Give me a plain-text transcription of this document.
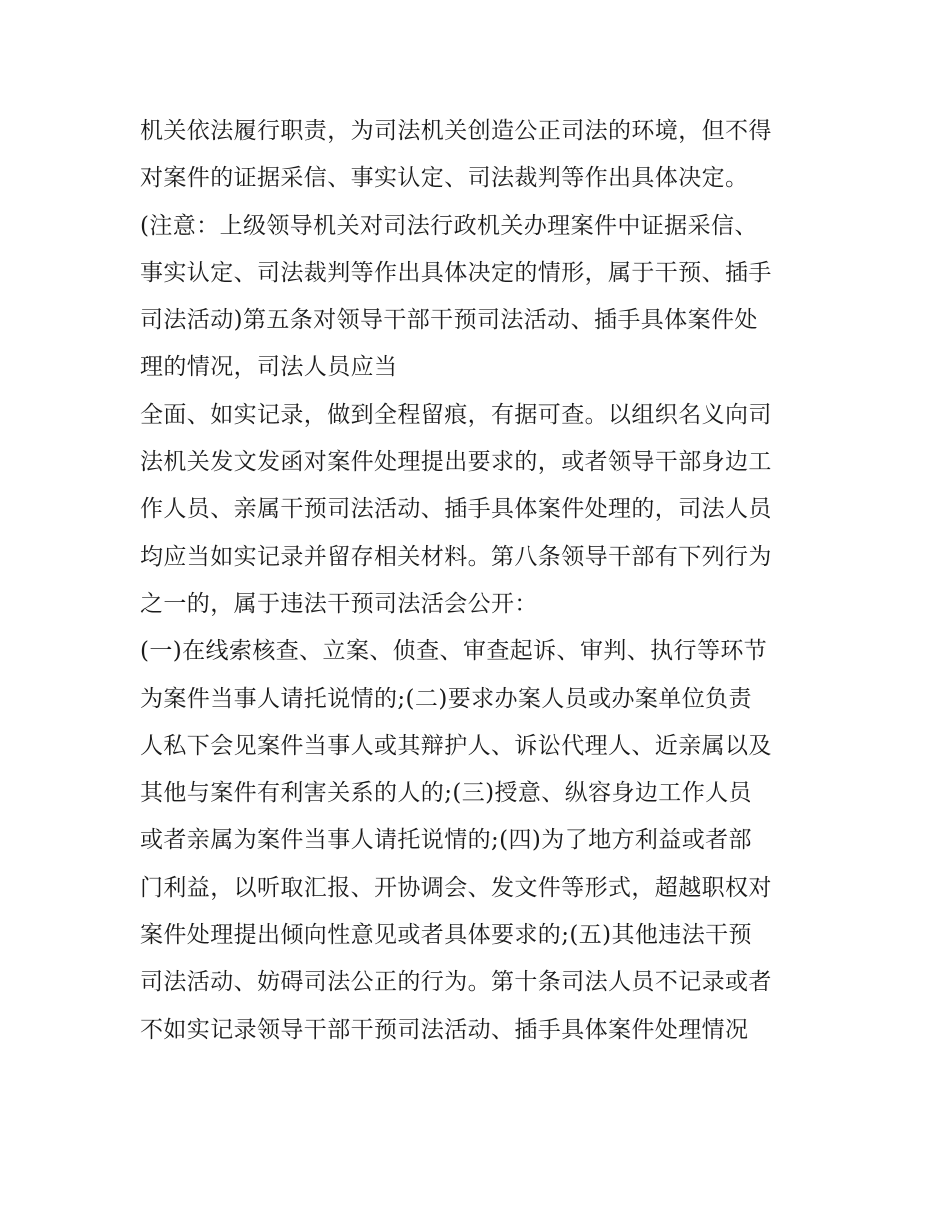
机关依法履行职责，为司法机关创造公正司法的环境，但不得
对案件的证据采信、事实认定、司法裁判等作出具体决定。
(注意：上级领导机关对司法行政机关办理案件中证据采信、
事实认定、司法裁判等作出具体决定的情形，属于干预、插手
司法活动)第五条对领导干部干预司法活动、插手具体案件处
理的情况，司法人员应当
全面、如实记录，做到全程留痕，有据可查。以组织名义向司
法机关发文发函对案件处理提出要求的，或者领导干部身边工
作人员、亲属干预司法活动、插手具体案件处理的，司法人员
均应当如实记录并留存相关材料。第八条领导干部有下列行为
之一的，属于违法干预司法活会公开：
(一)在线索核查、立案、侦查、审查起诉、审判、执行等环节
为案件当事人请托说情的;(二)要求办案人员或办案单位负责
人私下会见案件当事人或其辩护人、诉讼代理人、近亲属以及
其他与案件有利害关系的人的;(三)授意、纵容身边工作人员
或者亲属为案件当事人请托说情的;(四)为了地方利益或者部
门利益，以听取汇报、开协调会、发文件等形式，超越职权对
案件处理提出倾向性意见或者具体要求的;(五)其他违法干预
司法活动、妨碍司法公正的行为。第十条司法人员不记录或者
不如实记录领导干部干预司法活动、插手具体案件处理情况
